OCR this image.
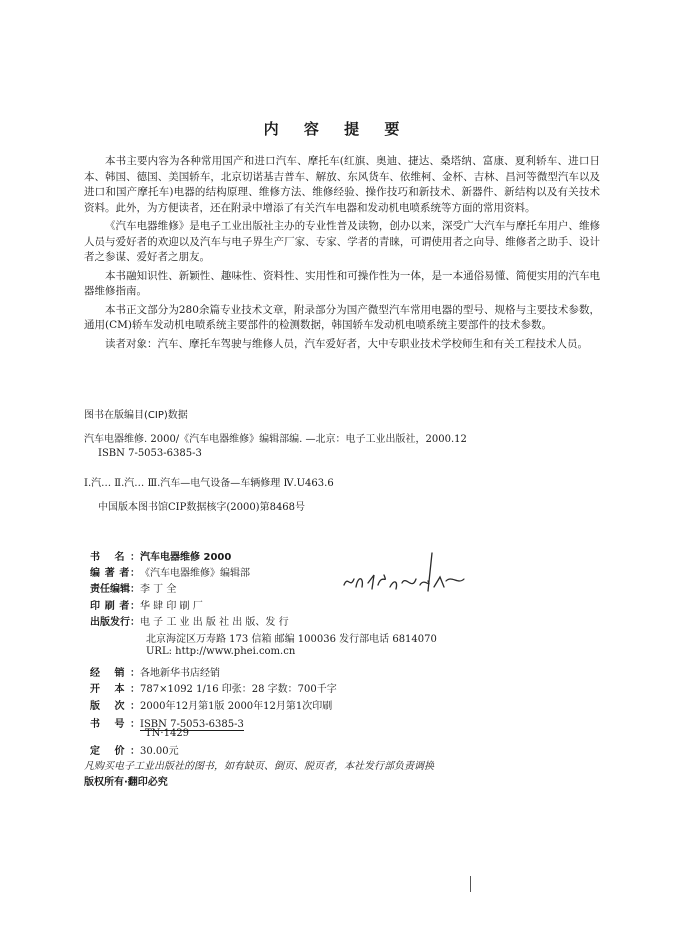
内 容 提 要

本书主要内容为各种常用国产和进口汽车、摩托车(红旗、奥迪、捷达、桑塔纳、富康、夏利轿车、进口日本、韩国、德国、美国轿车，北京切诺基吉普车、解放、东风货车、依维柯、金杯、吉林、昌河等微型汽车以及进口和国产摩托车)电器的结构原理、维修方法、维修经验、操作技巧和新技术、新器件、新结构以及有关技术资料。此外，为方便读者，还在附录中增添了有关汽车电器和发动机电喷系统等方面的常用资料。

《汽车电器维修》是电子工业出版社主办的专业性普及读物，创办以来，深受广大汽车与摩托车用户、维修人员与爱好者的欢迎以及汽车与电子界生产厂家、专家、学者的青睐，可谓使用者之向导、维修者之助手、设计者之参谋、爱好者之朋友。

本书融知识性、新颖性、趣味性、资料性、实用性和可操作性为一体，是一本通俗易懂、简便实用的汽车电器维修指南。

本书正文部分为280余篇专业技术文章，附录部分为国产微型汽车常用电器的型号、规格与主要技术参数，通用(CM)轿车发动机电喷系统主要部件的检测数据，韩国轿车发动机电喷系统主要部件的技术参数。

读者对象：汽车、摩托车驾驶与维修人员，汽车爱好者，大中专职业技术学校师生和有关工程技术人员。

图书在版编目(CIP)数据
汽车电器维修. 2000/《汽车电器维修》编辑部编. —北京：电子工业出版社，2000.12
ISBN 7-5053-6385-3
Ⅰ.汽… Ⅱ.汽… Ⅲ.汽车—电气设备—车辆修理 Ⅳ.U463.6
中国版本图书馆CIP数据核字(2000)第8468号
书 名：汽车电器维修 2000
编 著 者：《汽车电器维修》编辑部
责任编辑：李 丁 全
印 刷 者：华 肆 印 刷 厂
出版发行：电 子 工 业 出 版 社 出 版、发 行
北京海淀区万寿路 173 信箱 邮编 100036 发行部电话 6814070
URL: http://www.phei.com.cn
经 销：各地新华书店经销
开 本：787×1092 1/16 印张：28 字数：700千字
版 次：2000年12月第1版 2000年12月第1次印刷
书 号：ISBN 7-5053-6385-3
定 价：30.00元
TN·1429
凡购买电子工业出版社的图书，如有缺页、倒页、脱页者，本社发行部负责调换
版权所有·翻印必究
